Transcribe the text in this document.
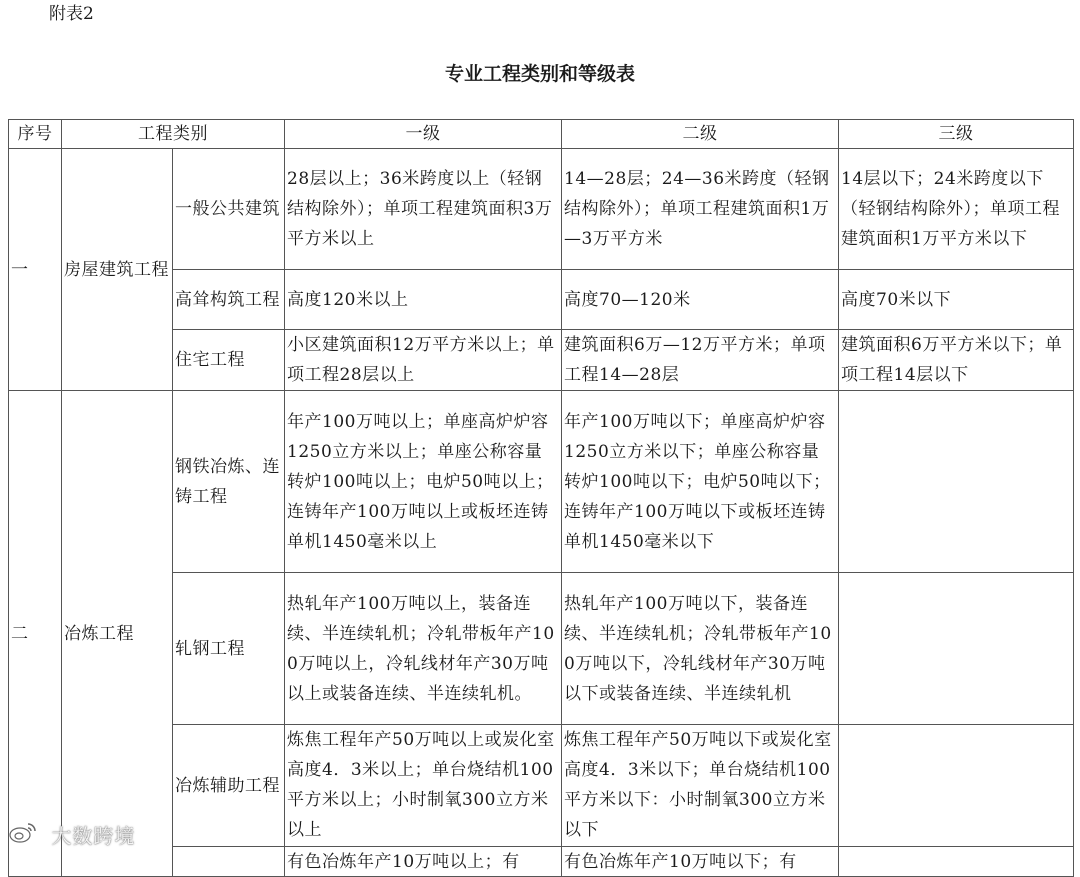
附表2
专业工程类别和等级表
序号	工程类别		一级	二级	三级
一	房屋建筑工程	一般公共建筑	28层以上；36米跨度以上（轻钢结构除外）；单项工程建筑面积3万平方米以上	14—28层；24—36米跨度（轻钢结构除外）；单项工程建筑面积1万—3万平方米	14层以下；24米跨度以下（轻钢结构除外）；单项工程建筑面积1万平方米以下
		高耸构筑工程	高度120米以上	高度70—120米	高度70米以下
		住宅工程	小区建筑面积12万平方米以上；单项工程28层以上	建筑面积6万—12万平方米；单项工程14—28层	建筑面积6万平方米以下；单项工程14层以下
二	冶炼工程	钢铁冶炼、连铸工程	年产100万吨以上；单座高炉炉容1250立方米以上；单座公称容量转炉100吨以上；电炉50吨以上；连铸年产100万吨以上或板坯连铸单机1450毫米以上	年产100万吨以下；单座高炉炉容1250立方米以下；单座公称容量转炉100吨以下；电炉50吨以下；连铸年产100万吨以下或板坯连铸单机1450毫米以下	
		轧钢工程	热轧年产100万吨以上，装备连续、半连续轧机；冷轧带板年产100万吨以上，冷轧线材年产30万吨以上或装备连续、半连续轧机。	热轧年产100万吨以下，装备连续、半连续轧机；冷轧带板年产100万吨以下，冷轧线材年产30万吨以下或装备连续、半连续轧机	
		冶炼辅助工程	炼焦工程年产50万吨以上或炭化室高度4．3米以上；单台烧结机100平方米以上；小时制氧300立方米以上	炼焦工程年产50万吨以下或炭化室高度4．3米以下；单台烧结机100平方米以下：小时制氧300立方米以下	

			有色冶炼年产10万吨以上；有	有色冶炼年产10万吨以下；有	

大数跨境
